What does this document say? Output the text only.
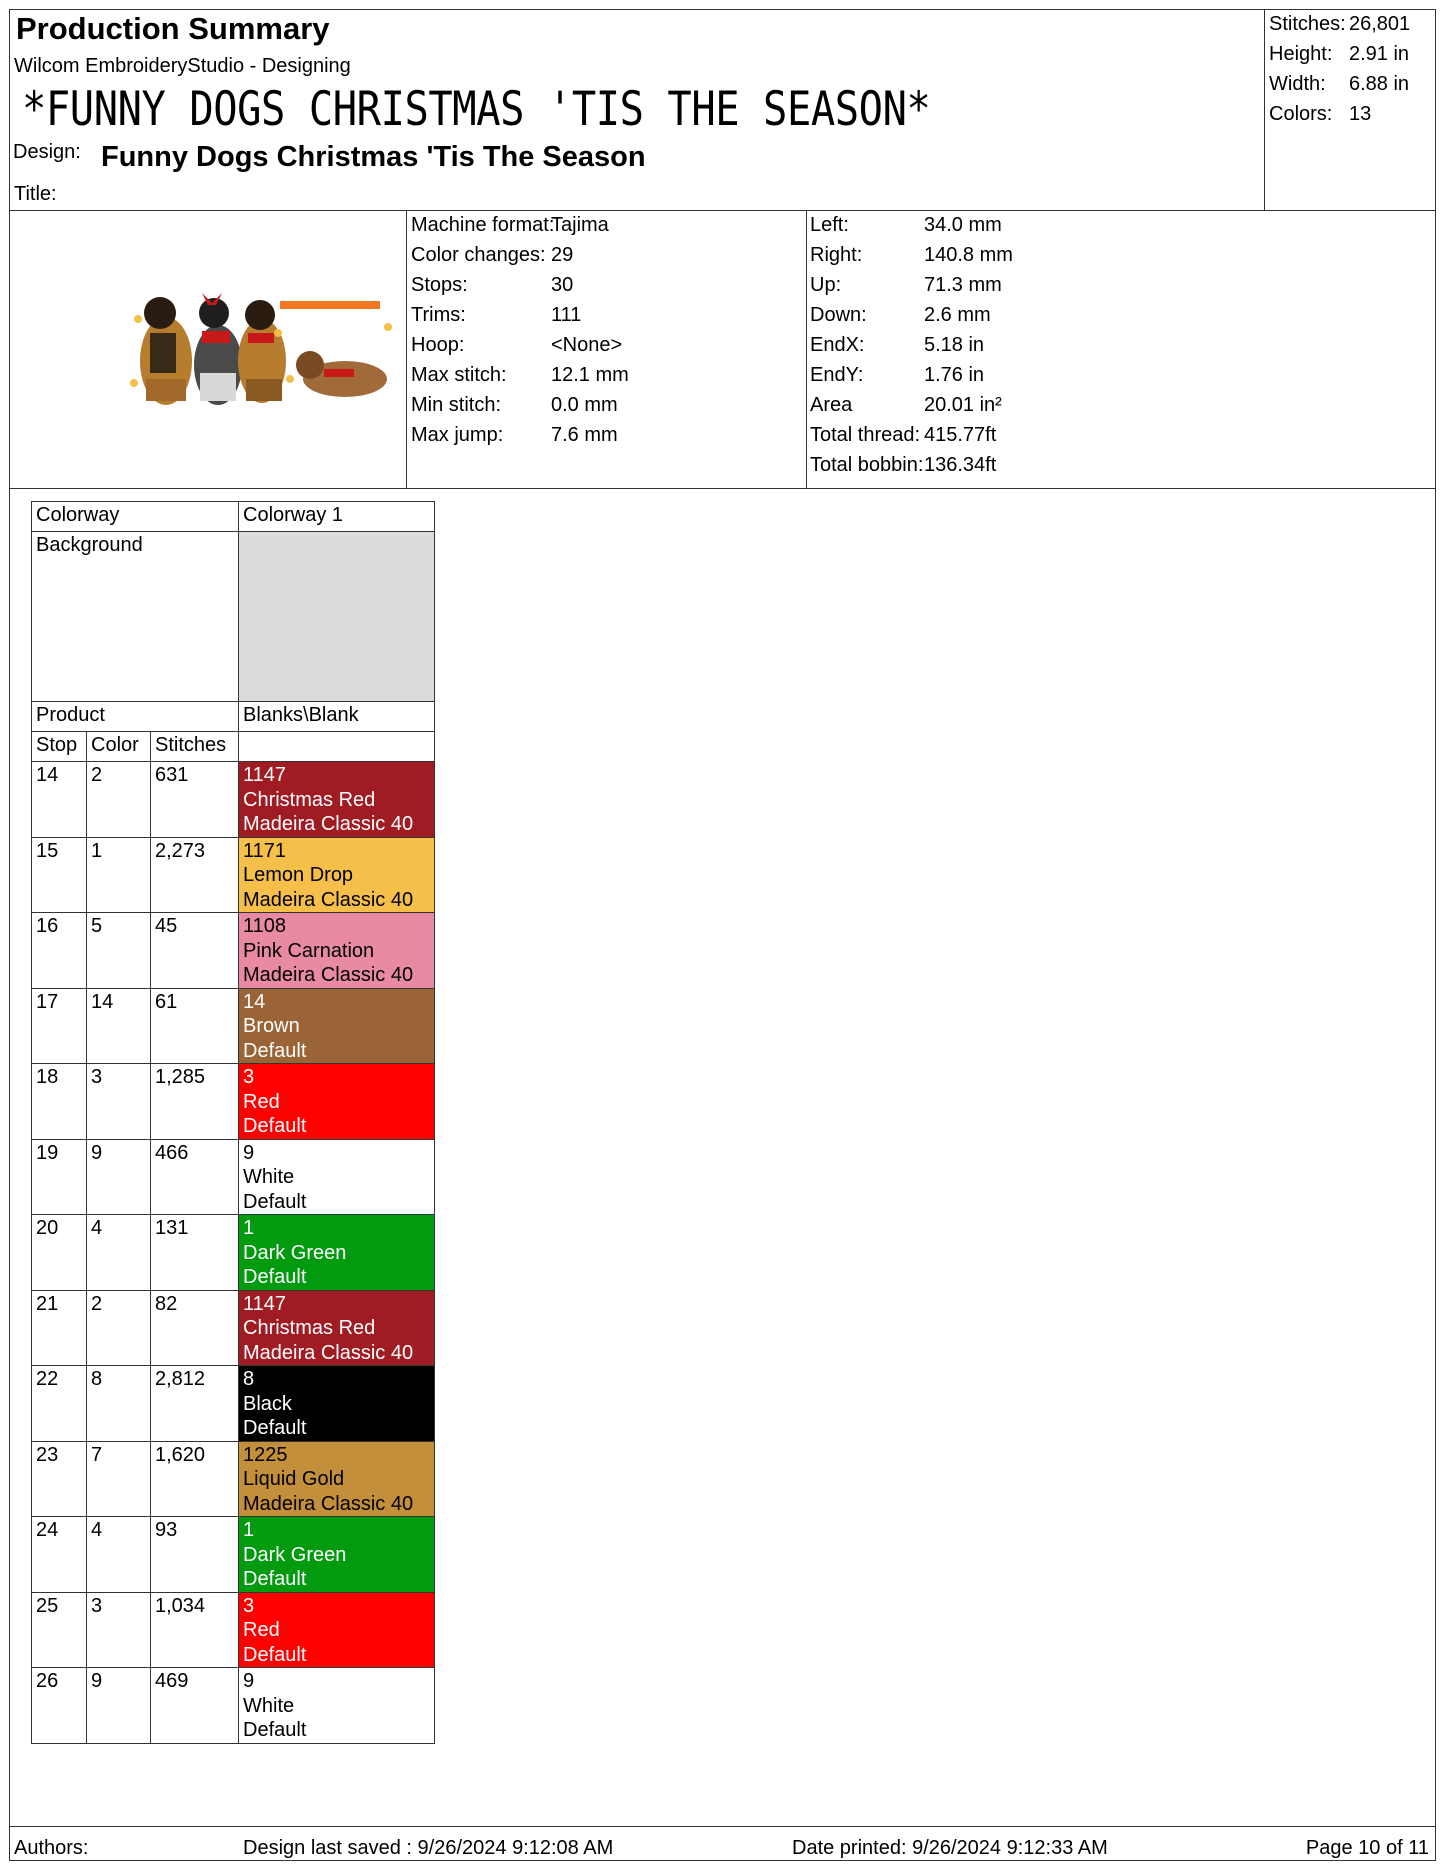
Production Summary
Wilcom EmbroideryStudio - Designing
*FUNNY DOGS CHRISTMAS 'TIS THE SEASON*
Design: Funny Dogs Christmas 'Tis The Season
Title:
Stitches: 26,801
Height: 2.91 in
Width: 6.88 in
Colors: 13
Machine format:
Tajima
Color changes: 29
Stops:	30
Trims:	111
Hoop:	<None>
Max stitch: 12.1 mm
Min stitch: 0.0 mm
Max jump: 7.6 mm
Left:	34.0 mm
Right:	140.8 mm
Up:	71.3 mm
Down:	2.6 mm
EndX:	5.18 in
EndY:	1.76 in
Area	20.01 in²
Total thread: 415.77ft
Total bobbin: 136.34ft
Colorway			Colorway 1
Background			
Product			Blanks\Blank
Stop	Color	Stitches	
14	2	631	1147
Christmas Red
Madeira Classic 40

15	1	2,273	1171
Lemon Drop
Madeira Classic 40

16	5	45	1108
Pink Carnation
Madeira Classic 40

17	14	61	14
Brown
Default

18	3	1,285	3
Red
Default

19	9	466	9
White
Default

20	4	131	1
Dark Green
Default

21	2	82	1147
Christmas Red
Madeira Classic 40

22	8	2,812	8
Black
Default

23	7	1,620	1225
Liquid Gold
Madeira Classic 40

24	4	93	1
Dark Green
Default

25	3	1,034	3
Red
Default

26	9	469	9
White
Default
Authors:	Design last saved : 9/26/2024 9:12:08 AM	Date printed: 9/26/2024 9:12:33 AM	Page 10 of 11
